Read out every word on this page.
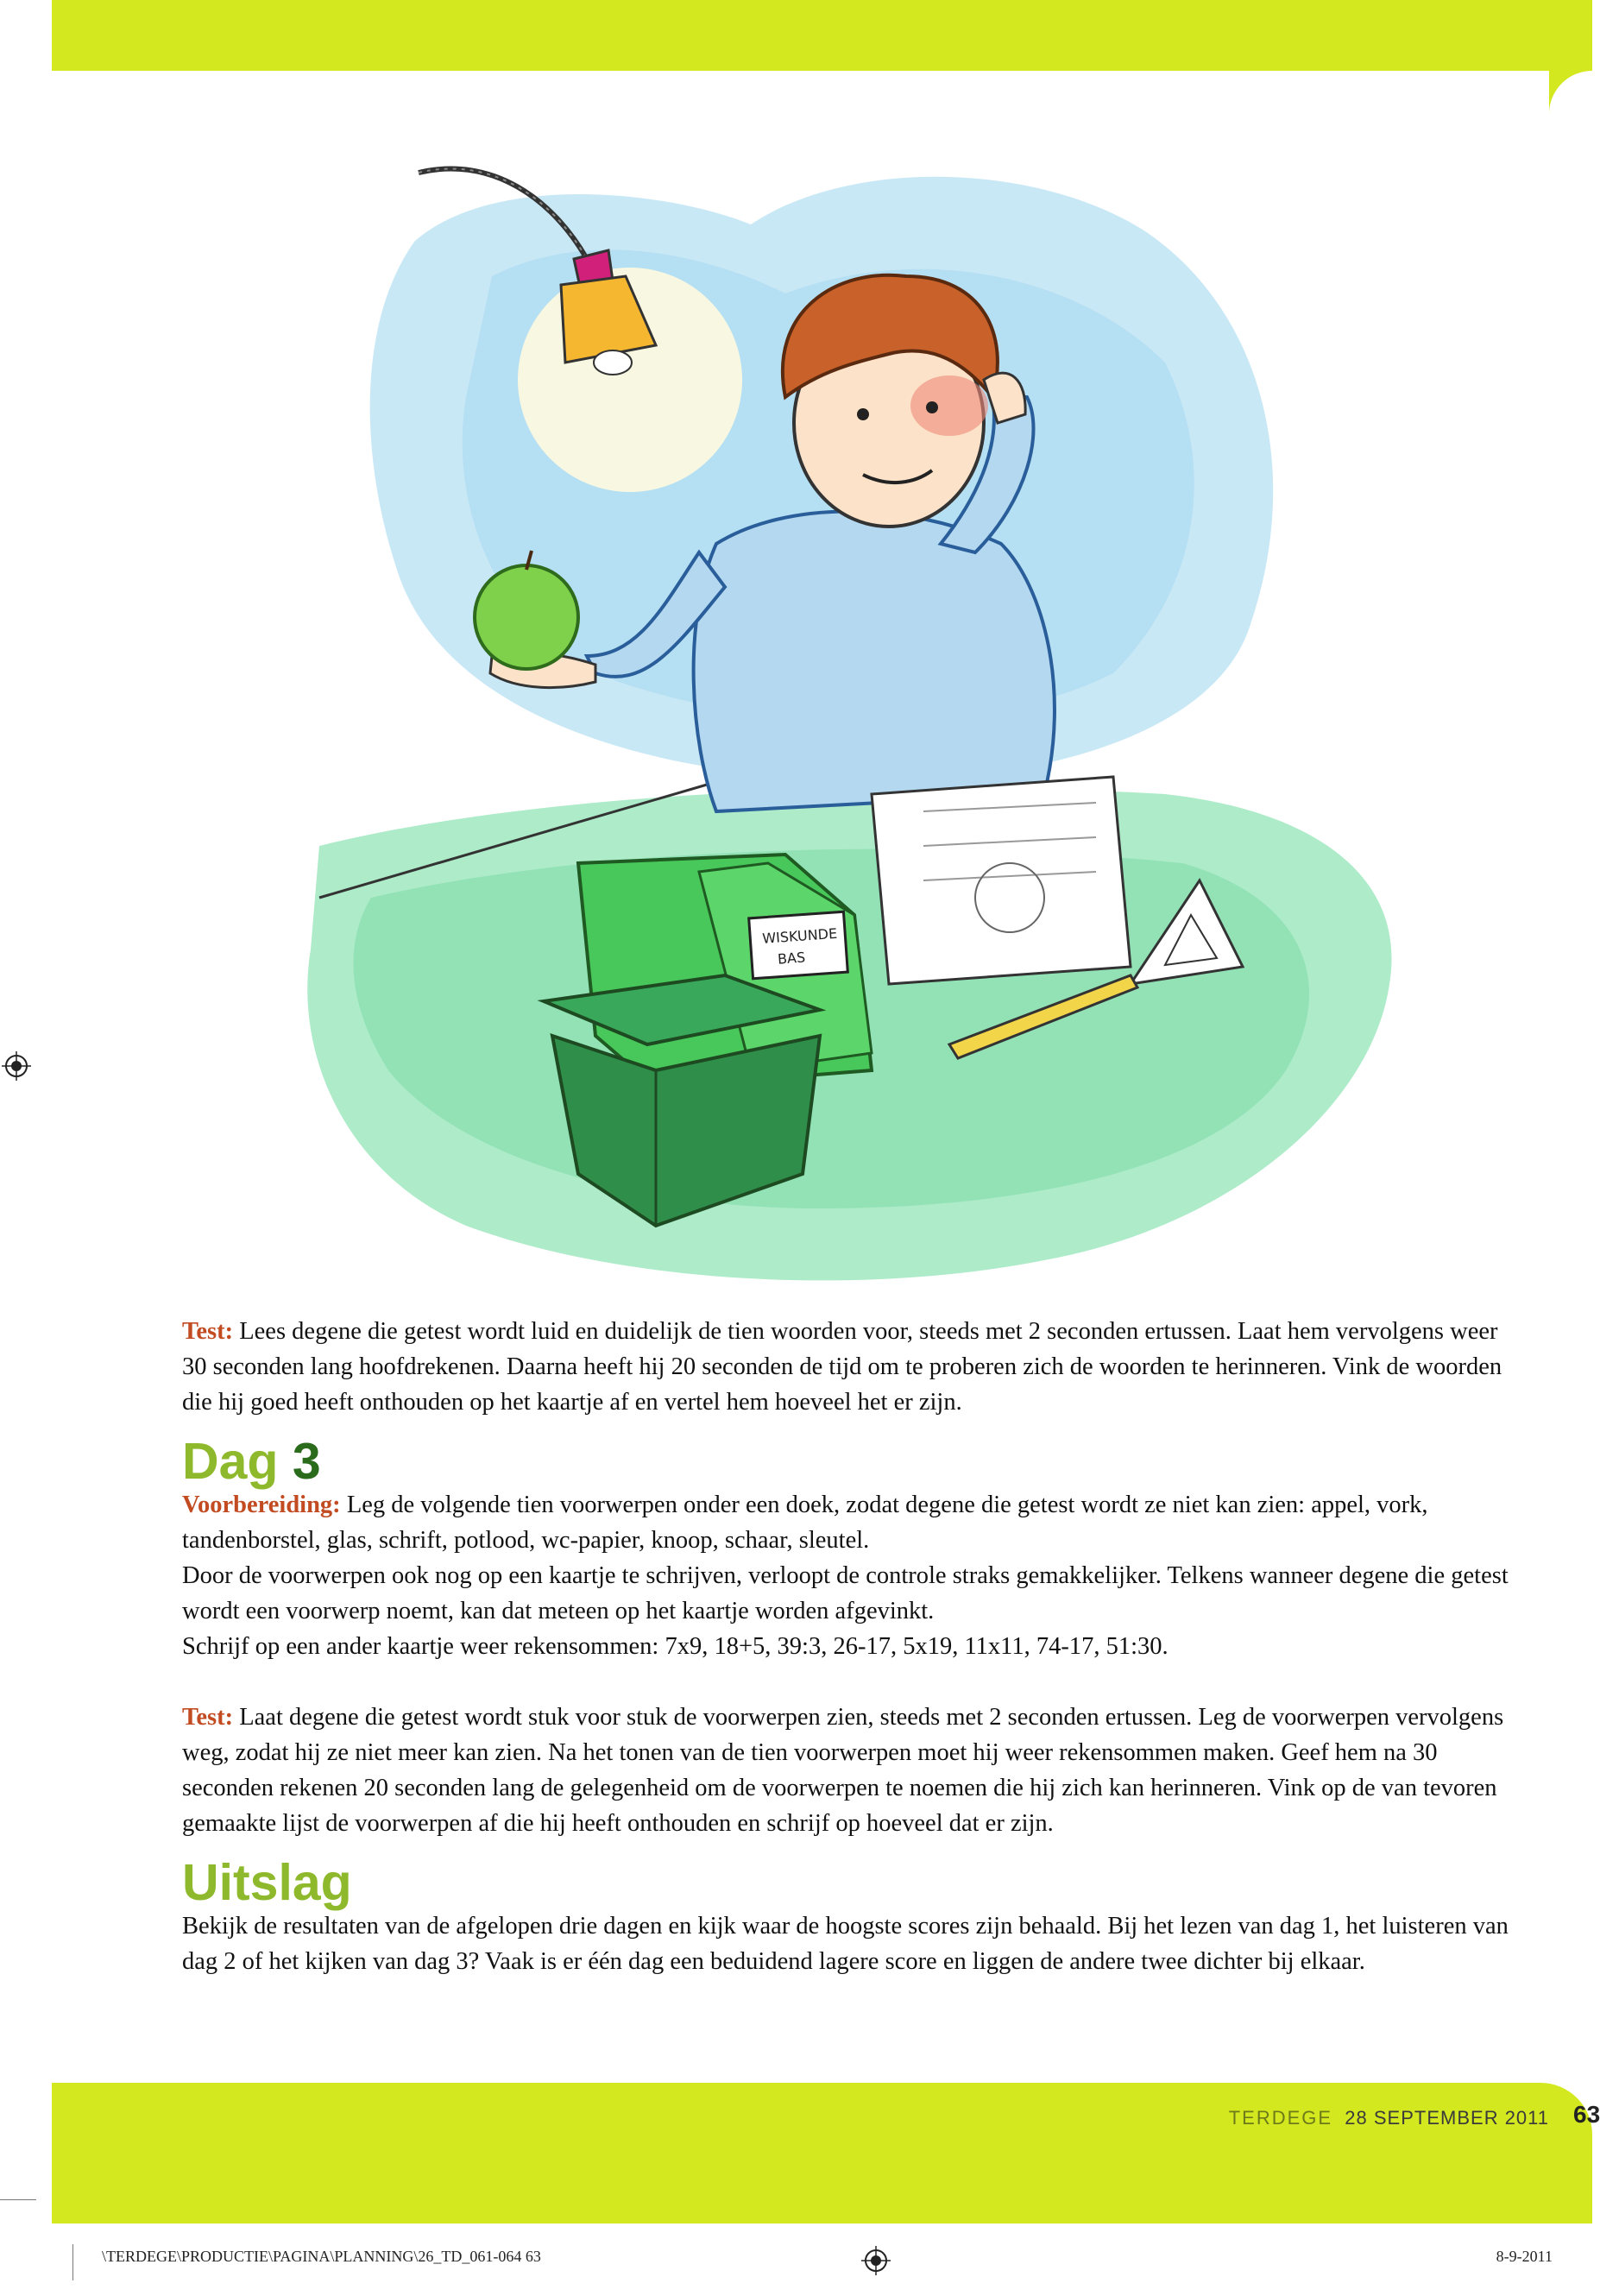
WISKUNDE
BAS

Test: Lees degene die getest wordt luid en duidelijk de tien woorden voor, steeds met 2 seconden ertussen. Laat hem vervolgens weer 30 seconden lang hoofdrekenen. Daarna heeft hij 20 seconden de tijd om te proberen zich de woorden te herinneren. Vink de woorden die hij goed heeft onthouden op het kaartje af en vertel hem hoeveel het er zijn.

Dag 3

Voorbereiding: Leg de volgende tien voorwerpen onder een doek, zodat degene die getest wordt ze niet kan zien: appel, vork, tandenborstel, glas, schrift, potlood, wc-papier, knoop, schaar, sleutel.

Door de voorwerpen ook nog op een kaartje te schrijven, verloopt de controle straks gemakkelijker. Telkens wanneer degene die getest wordt een voorwerp noemt, kan dat meteen op het kaartje worden afgevinkt.

Schrijf op een ander kaartje weer rekensommen: 7x9, 18+5, 39:3, 26-17, 5x19, 11x11, 74-17, 51:30.

Test: Laat degene die getest wordt stuk voor stuk de voorwerpen zien, steeds met 2 seconden ertussen. Leg de voorwerpen vervolgens weg, zodat hij ze niet meer kan zien. Na het tonen van de tien voorwerpen moet hij weer rekensommen maken. Geef hem na 30 seconden rekenen 20 seconden lang de gelegenheid om de voorwerpen te noemen die hij zich kan herinneren. Vink op de van tevoren gemaakte lijst de voorwerpen af die hij heeft onthouden en schrijf op hoeveel dat er zijn.

Uitslag

Bekijk de resultaten van de afgelopen drie dagen en kijk waar de hoogste scores zijn behaald. Bij het lezen van dag 1, het luisteren van dag 2 of het kijken van dag 3? Vaak is er één dag een beduidend lagere score en liggen de andere twee dichter bij elkaar.

TERDEGE 28 SEPTEMBER 2011 63
\TERDEGE\PRODUCTIE\PAGINA\PLANNING\26_TD_061-064 63	8-9-2011
